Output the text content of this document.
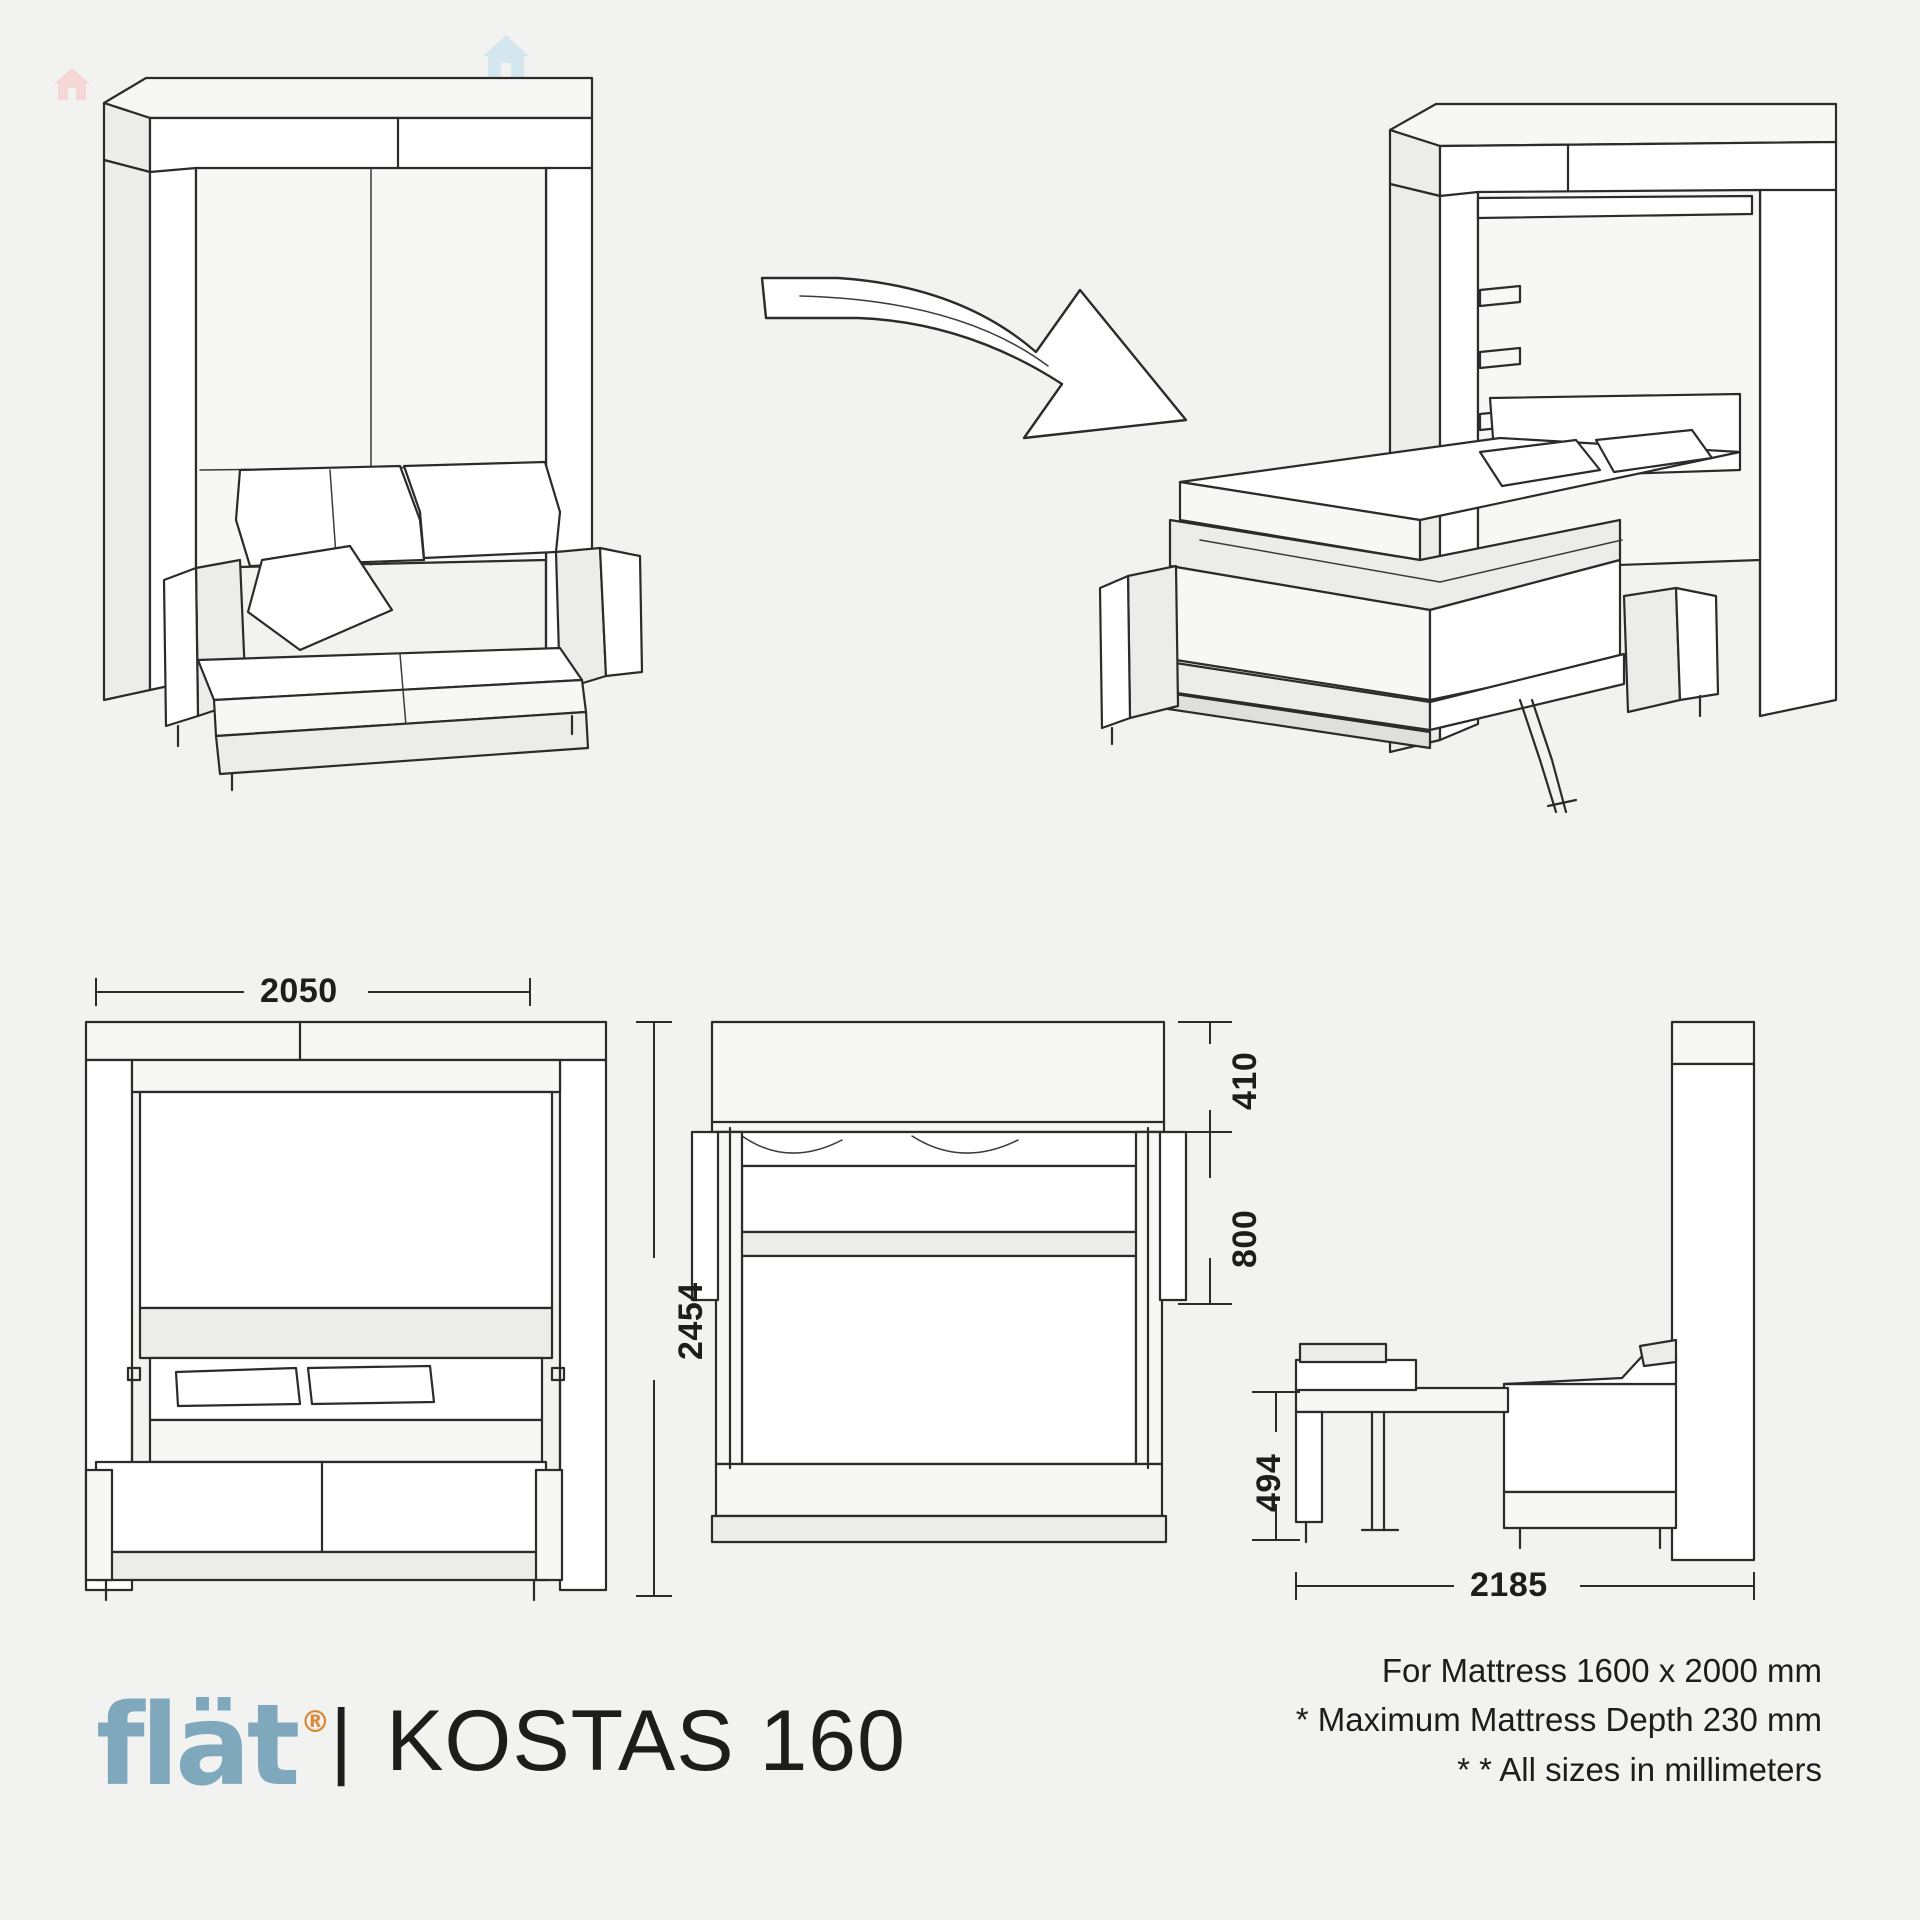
2050
2454
410
800
494
2185
flät ® | KOSTAS 160
For Mattress 1600 x 2000 mm
* Maximum Mattress Depth 230 mm
* * All sizes in millimeters
